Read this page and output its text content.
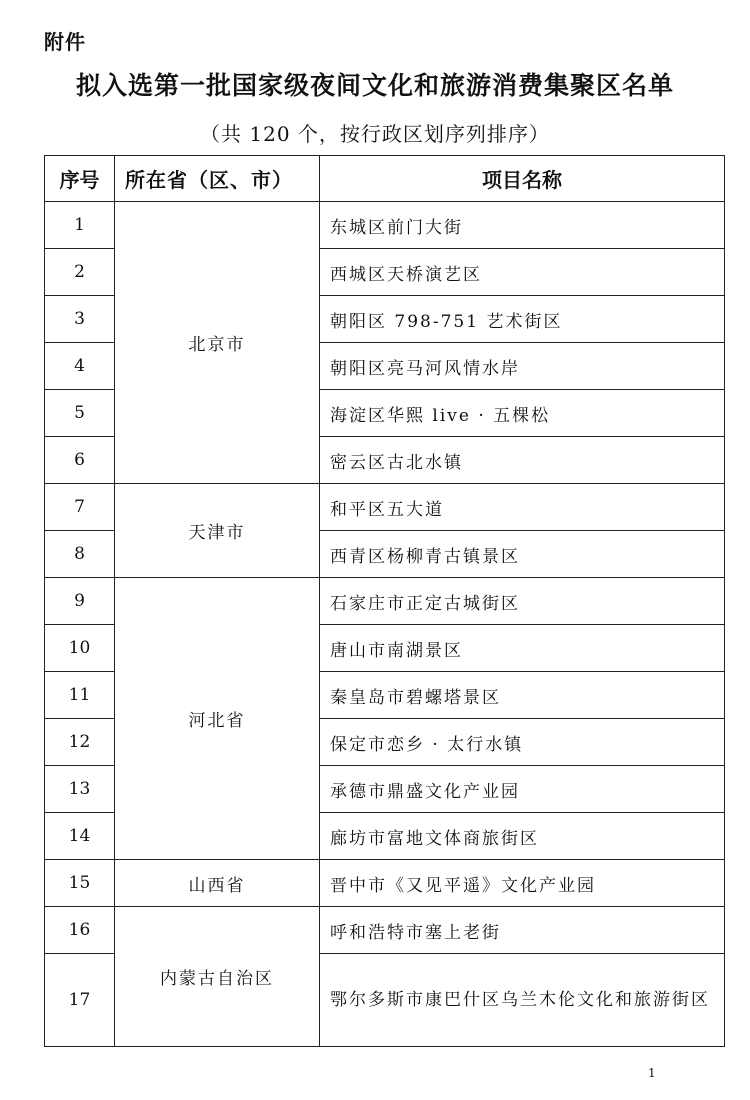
附件
拟入选第一批国家级夜间文化和旅游消费集聚区名单
（共 120 个，按行政区划序列排序）
序号	所在省（区、市）	项目名称
1	北京市	东城区前门大街
2		西城区天桥演艺区
3		朝阳区 798-751 艺术街区
4		朝阳区亮马河风情水岸
5		海淀区华熙 live · 五棵松
6		密云区古北水镇
7	天津市	和平区五大道
8		西青区杨柳青古镇景区
9	河北省	石家庄市正定古城街区
10		唐山市南湖景区
11		秦皇岛市碧螺塔景区
12		保定市恋乡 · 太行水镇
13		承德市鼎盛文化产业园
14		廊坊市富地文体商旅街区
15	山西省	晋中市《又见平遥》文化产业园
16	内蒙古自治区	呼和浩特市塞上老街
17		鄂尔多斯市康巴什区乌兰木伦文化和旅游街区
1
